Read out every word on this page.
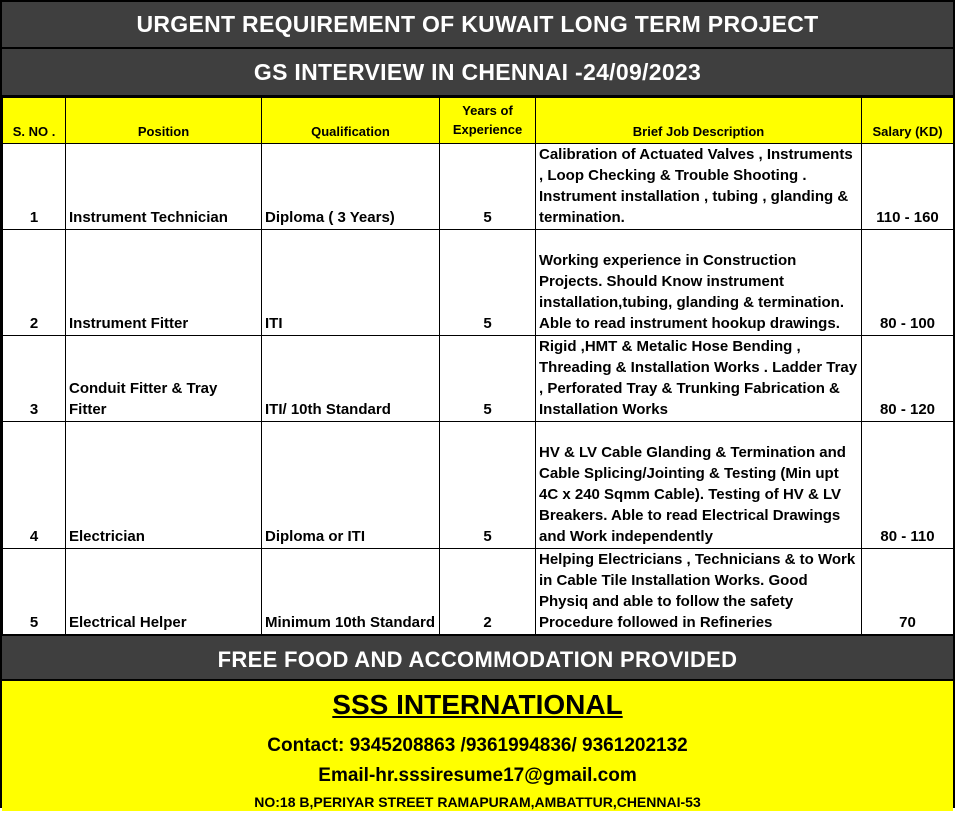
URGENT REQUIREMENT OF KUWAIT LONG TERM PROJECT
GS INTERVIEW IN CHENNAI -24/09/2023
S. NO .	Position	Qualification	Years of Experience	Brief Job Description	Salary (KD)
1	Instrument Technician	Diploma ( 3 Years)	5	Calibration of Actuated Valves , Instruments , Loop Checking & Trouble Shooting . Instrument installation , tubing , glanding & termination.	110 - 160
2	Instrument Fitter	ITI	5	Working experience in Construction Projects. Should Know instrument installation,tubing, glanding & termination. Able to read instrument hookup drawings.	80 - 100
3	Conduit Fitter & Tray Fitter	ITI/ 10th Standard	5	Rigid ,HMT & Metalic Hose Bending , Threading & Installation Works . Ladder Tray , Perforated Tray & Trunking Fabrication & Installation Works	80 - 120
4	Electrician	Diploma or ITI	5	HV & LV Cable Glanding & Termination and Cable Splicing/Jointing & Testing (Min upt 4C x 240 Sqmm Cable). Testing of HV & LV Breakers. Able to read Electrical Drawings and Work independently	80 - 110
5	Electrical Helper	Minimum 10th Standard	2	Helping Electricians , Technicians & to Work in Cable Tile Installation Works. Good Physiq and able to follow the safety Procedure followed in Refineries	70
FREE FOOD AND ACCOMMODATION PROVIDED
SSS INTERNATIONAL
Contact: 9345208863 /9361994836/ 9361202132
Email-hr.sssiresume17@gmail.com
NO:18 B,PERIYAR STREET RAMAPURAM,AMBATTUR,CHENNAI-53
